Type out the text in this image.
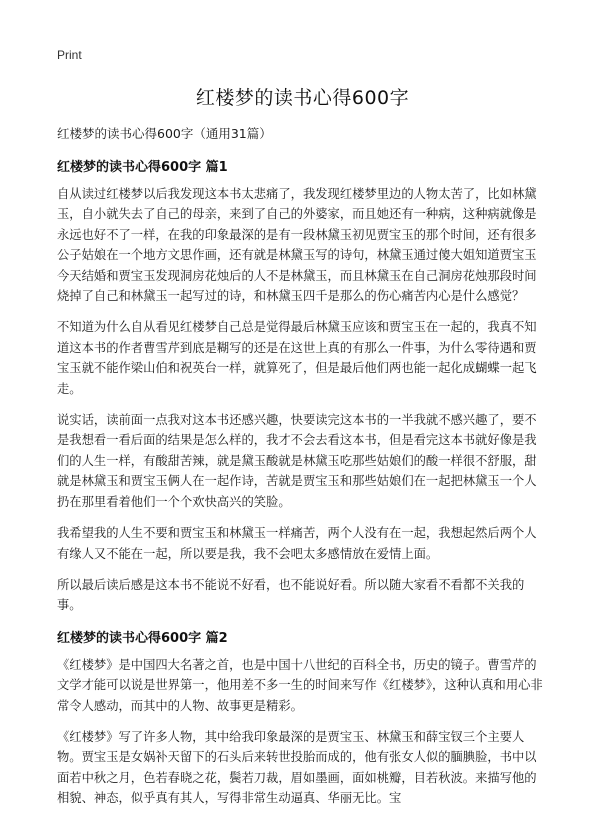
Print
红楼梦的读书心得600字

红楼梦的读书心得600字（通用31篇）

红楼梦的读书心得600字 篇1

自从读过红楼梦以后我发现这本书太悲痛了，我发现红楼梦里边的人物太苦了，比如林黛玉，自小就失去了自己的母亲，来到了自己的外婆家，而且她还有一种病，这种病就像是永远也好不了一样，在我的印象最深的是有一段林黛玉初见贾宝玉的那个时间，还有很多公子姑娘在一个地方文思作画，还有就是林黛玉写的诗句，林黛玉通过傻大姐知道贾宝玉今天结婚和贾宝玉发现洞房花烛后的人不是林黛玉，而且林黛玉在自己洞房花烛那段时间烧掉了自己和林黛玉一起写过的诗，和林黛玉四千是那么的伤心痛苦内心是什么感觉？

不知道为什么自从看见红楼梦自己总是觉得最后林黛玉应该和贾宝玉在一起的，我真不知道这本书的作者曹雪芹到底是糊写的还是在这世上真的有那么一件事，为什么零待遇和贾宝玉就不能作梁山伯和祝英台一样，就算死了，但是最后他们两也能一起化成蝴蝶一起飞走。

说实话，读前面一点我对这本书还感兴趣，快要读完这本书的一半我就不感兴趣了，要不是我想看一看后面的结果是怎么样的，我才不会去看这本书，但是看完这本书就好像是我们的人生一样，有酸甜苦辣，就是黛玉酸就是林黛玉吃那些姑娘们的酸一样很不舒服，甜就是林黛玉和贾宝玉俩人在一起作诗，苦就是贾宝玉和那些姑娘们在一起把林黛玉一个人扔在那里看着他们一个个欢快高兴的笑脸。

我希望我的人生不要和贾宝玉和林黛玉一样痛苦，两个人没有在一起，我想起然后两个人有缘人又不能在一起，所以要是我，我不会吧太多感情放在爱情上面。

所以最后读后感是这本书不能说不好看，也不能说好看。所以随大家看不看都不关我的事。

红楼梦的读书心得600字 篇2

《红楼梦》是中国四大名著之首，也是中国十八世纪的百科全书，历史的镜子。曹雪芹的文学才能可以说是世界第一，他用差不多一生的时间来写作《红楼梦》，这种认真和用心非常令人感动，而其中的人物、故事更是精彩。

《红楼梦》写了许多人物，其中给我印象最深的是贾宝玉、林黛玉和薛宝钗三个主要人物。贾宝玉是女娲补天留下的石头后来转世投胎而成的，他有张女人似的腼腆脸，书中以面若中秋之月，色若春晓之花，鬓若刀裁，眉如墨画，面如桃瓣，目若秋波。来描写他的相貌、神态，似乎真有其人，写得非常生动逼真、华丽无比。宝
